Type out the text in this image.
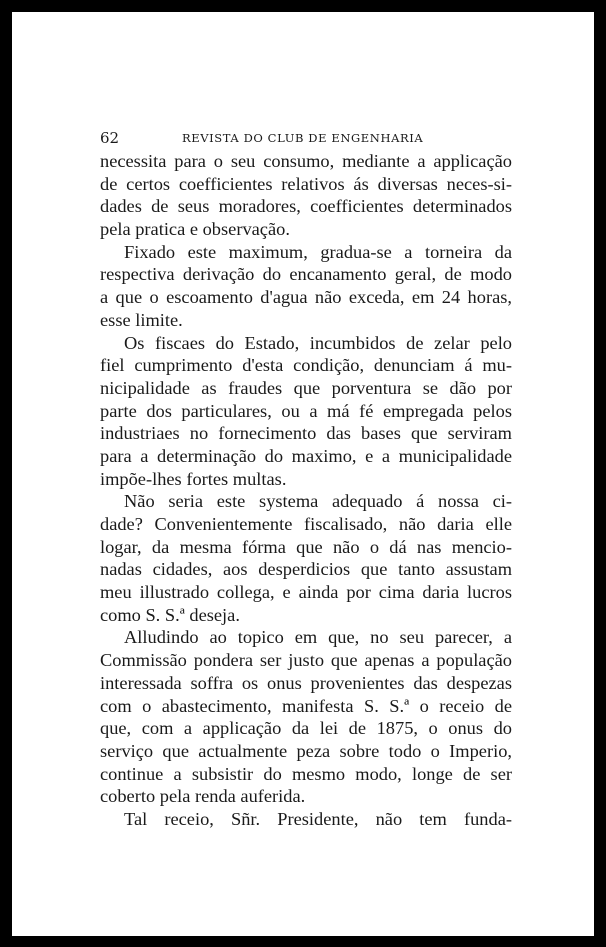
62	REVISTA DO CLUB DE ENGENHARIA

necessita para o seu consumo, mediante a applicação
de certos coefficientes relativos ás diversas neces-si-
dades de seus moradores, coefficientes determinados
pela pratica e observação.

Fixado este maximum, gradua-se a torneira da
respectiva derivação do encanamento geral, de modo
a que o escoamento d'agua não exceda, em 24 horas,
esse limite.

Os fiscaes do Estado, incumbidos de zelar pelo
fiel cumprimento d'esta condição, denunciam á mu-
nicipalidade as fraudes que porventura se dão por
parte dos particulares, ou a má fé empregada pelos
industriaes no fornecimento das bases que serviram
para a determinação do maximo, e a municipalidade
impõe-lhes fortes multas.

Não seria este systema adequado á nossa ci-
dade? Convenientemente fiscalisado, não daria elle
logar, da mesma fórma que não o dá nas mencio-
nadas cidades, aos desperdicios que tanto assustam
meu illustrado collega, e ainda por cima daria lucros
como S. S.ª deseja.

Alludindo ao topico em que, no seu parecer, a
Commissão pondera ser justo que apenas a população
interessada soffra os onus provenientes das despezas
com o abastecimento, manifesta S. S.ª o receio de
que, com a applicação da lei de 1875, o onus do
serviço que actualmente peza sobre todo o Imperio,
continue a subsistir do mesmo modo, longe de ser
coberto pela renda auferida.

Tal receio, Sñr. Presidente, não tem funda-
